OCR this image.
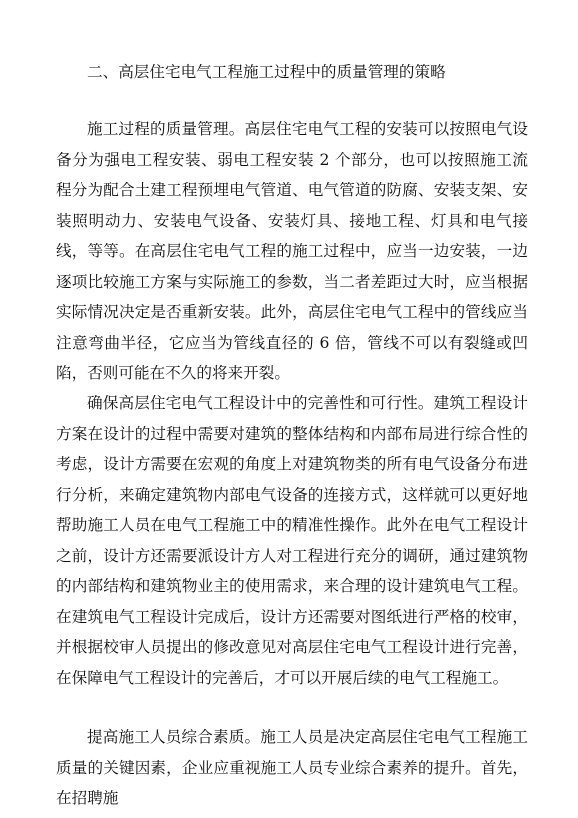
二、高层住宅电气工程施工过程中的质量管理的策略

施工过程的质量管理。高层住宅电气工程的安装可以按照电气设备分为强电工程安装、弱电工程安装 2 个部分，也可以按照施工流程分为配合土建工程预埋电气管道、电气管道的防腐、安装支架、安装照明动力、安装电气设备、安装灯具、接地工程、灯具和电气接线，等等。在高层住宅电气工程的施工过程中，应当一边安装，一边逐项比较施工方案与实际施工的参数，当二者差距过大时，应当根据实际情况决定是否重新安装。此外，高层住宅电气工程中的管线应当注意弯曲半径，它应当为管线直径的 6 倍，管线不可以有裂缝或凹陷，否则可能在不久的将来开裂。

确保高层住宅电气工程设计中的完善性和可行性。建筑工程设计方案在设计的过程中需要对建筑的整体结构和内部布局进行综合性的考虑，设计方需要在宏观的角度上对建筑物类的所有电气设备分布进行分析，来确定建筑物内部电气设备的连接方式，这样就可以更好地帮助施工人员在电气工程施工中的精准性操作。此外在电气工程设计之前，设计方还需要派设计方人对工程进行充分的调研，通过建筑物的内部结构和建筑物业主的使用需求，来合理的设计建筑电气工程。在建筑电气工程设计完成后，设计方还需要对图纸进行严格的校审，并根据校审人员提出的修改意见对高层住宅电气工程设计进行完善，在保障电气工程设计的完善后，才可以开展后续的电气工程施工。

提高施工人员综合素质。施工人员是决定高层住宅电气工程施工质量的关键因素，企业应重视施工人员专业综合素养的提升。首先，在招聘施
